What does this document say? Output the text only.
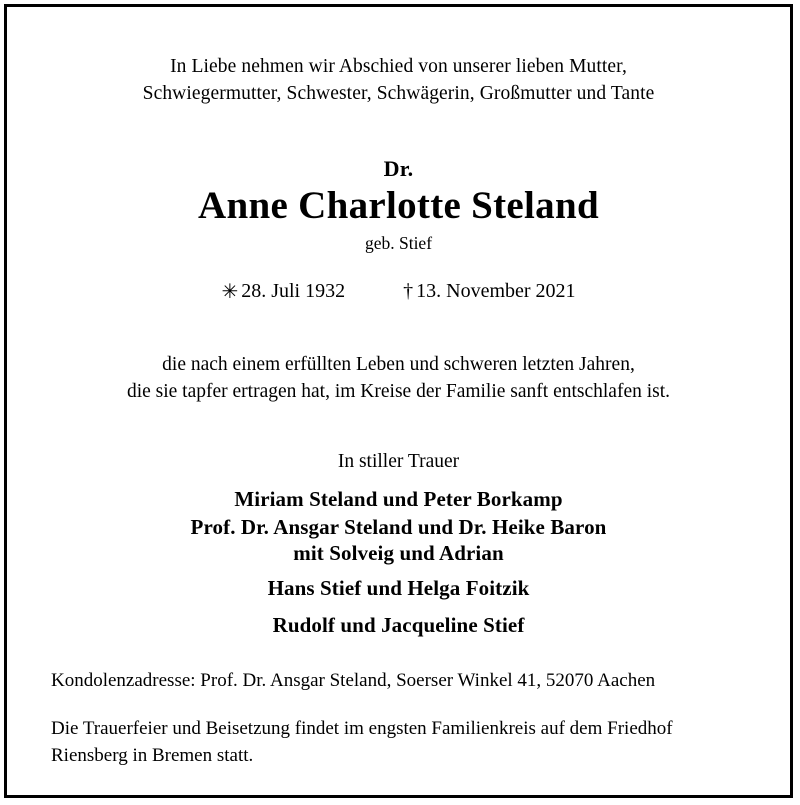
In Liebe nehmen wir Abschied von unserer lieben Mutter,
Schwiegermutter, Schwester, Schwägerin, Großmutter und Tante
Dr.
Anne Charlotte Steland
geb. Stief
✳ 28. Juli 1932	† 13. November 2021
die nach einem erfüllten Leben und schweren letzten Jahren,
die sie tapfer ertragen hat, im Kreise der Familie sanft entschlafen ist.
In stiller Trauer
Miriam Steland und Peter Borkamp
Prof. Dr. Ansgar Steland und Dr. Heike Baron
mit Solveig und Adrian
Hans Stief und Helga Foitzik
Rudolf und Jacqueline Stief
Kondolenzadresse: Prof. Dr. Ansgar Steland, Soerser Winkel 41, 52070 Aachen
Die Trauerfeier und Beisetzung findet im engsten Familienkreis auf dem Friedhof
Riensberg in Bremen statt.
